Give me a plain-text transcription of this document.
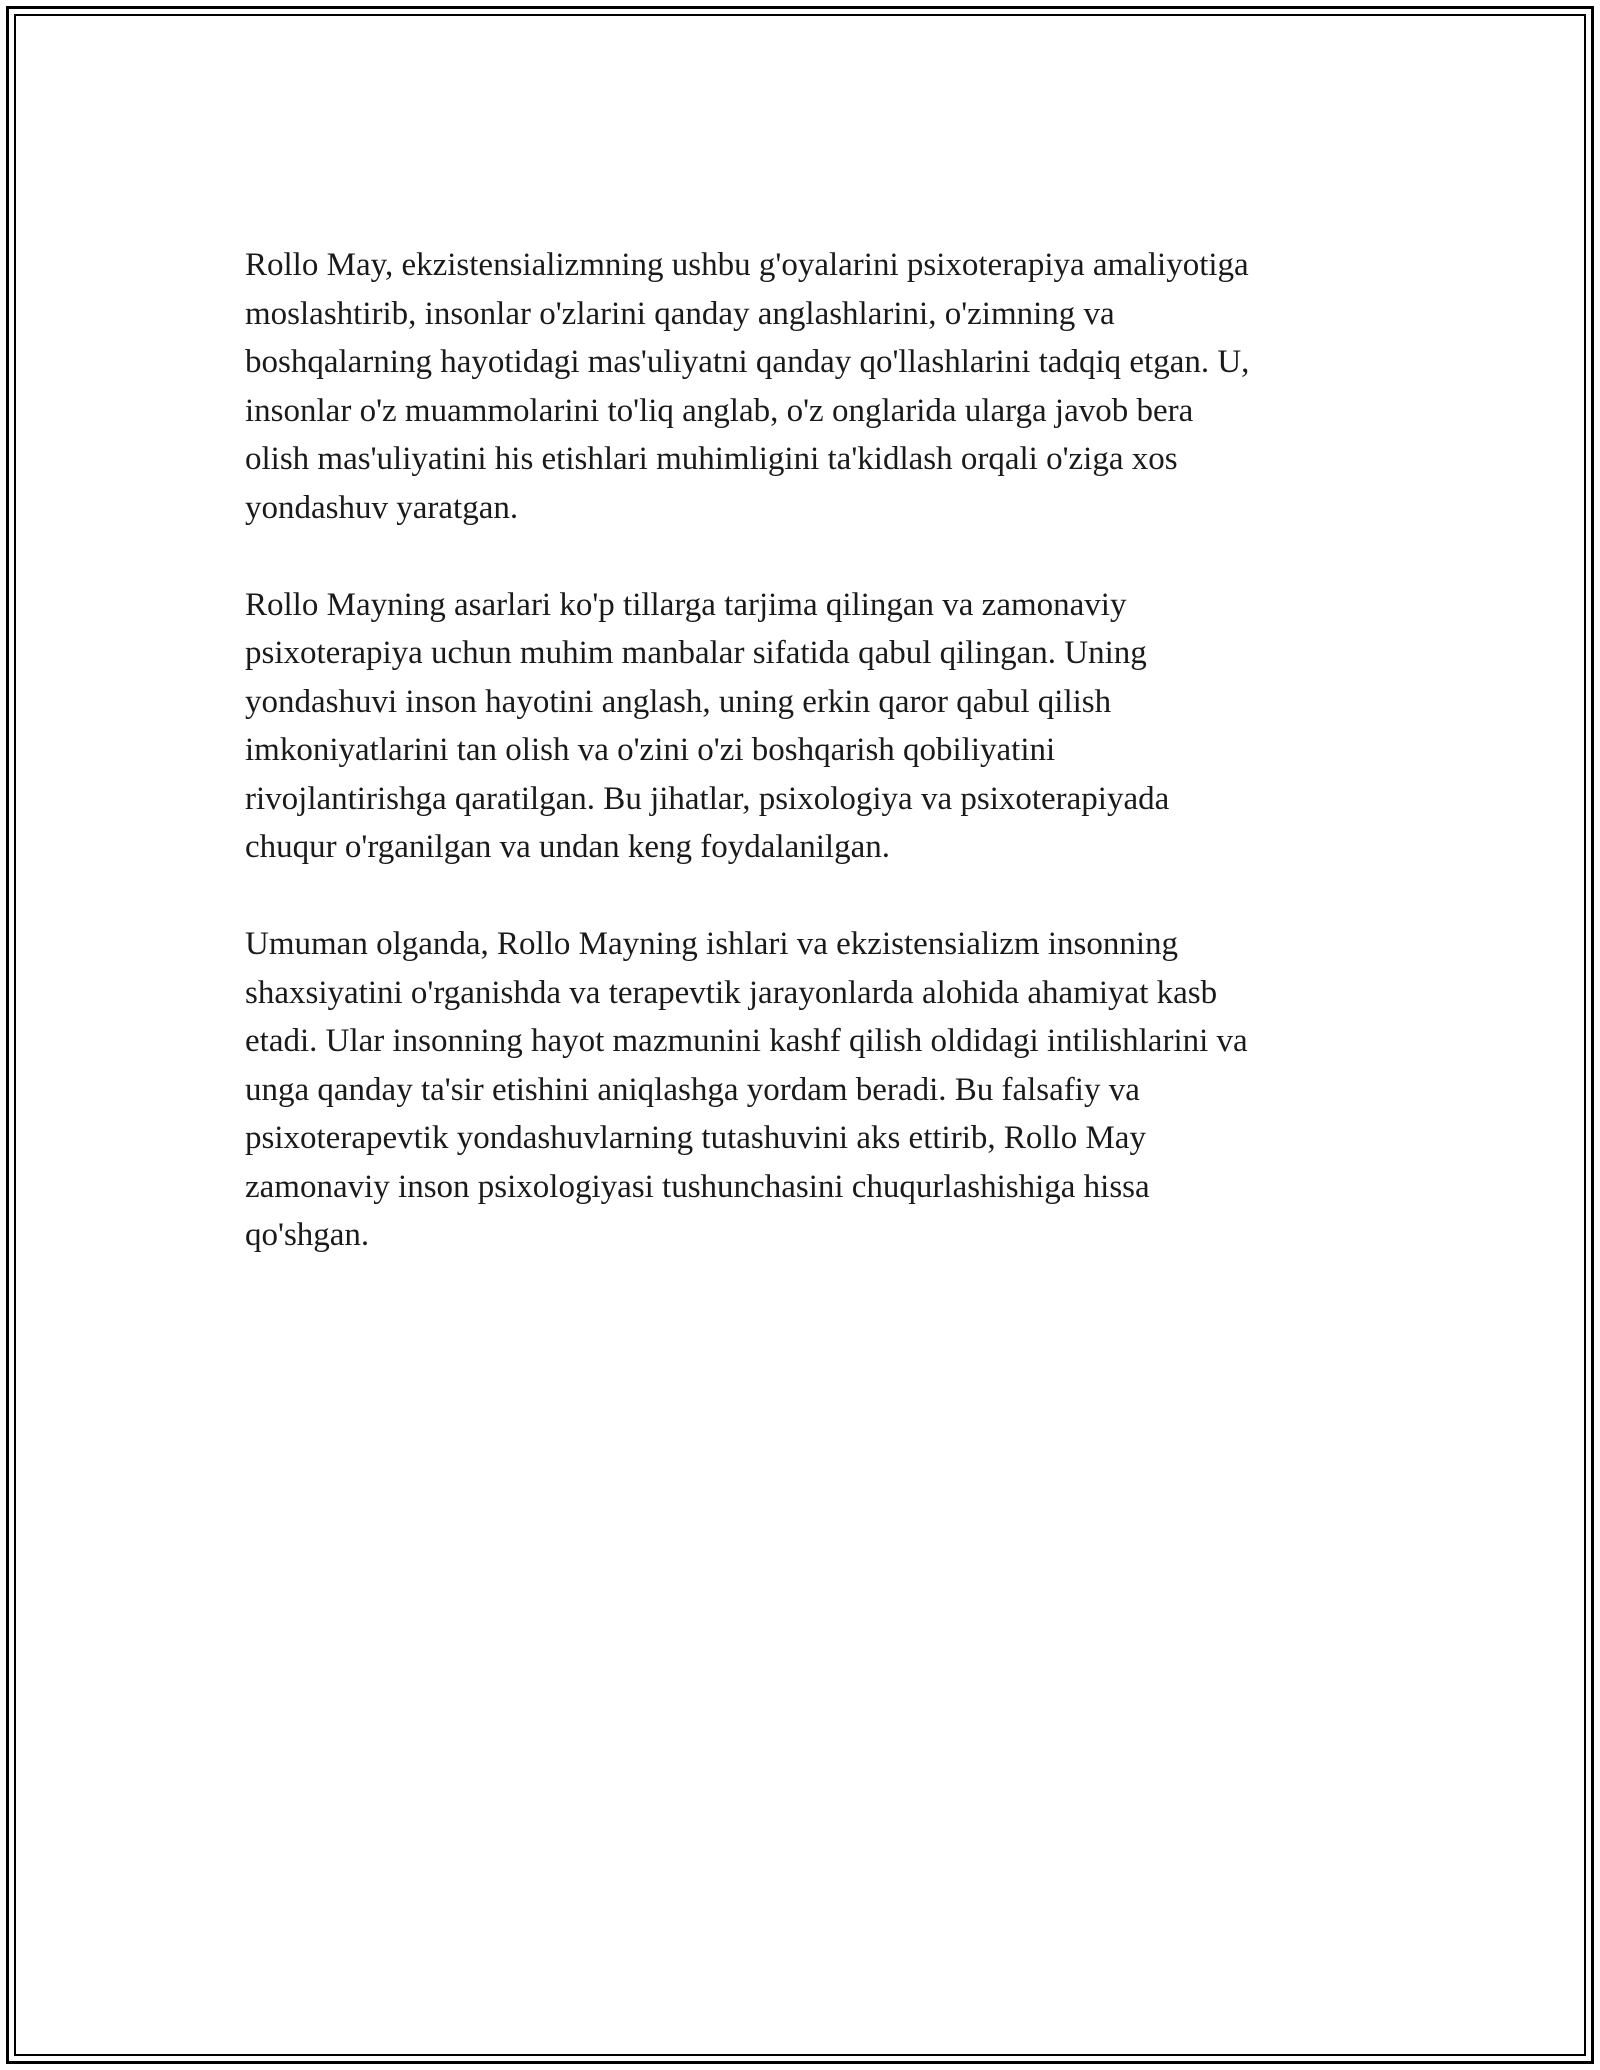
Rollo May, ekzistensializmning ushbu g'oyalarini psixoterapiya amaliyotiga
moslashtirib, insonlar o'zlarini qanday anglashlarini, o'zimning va
boshqalarning hayotidagi mas'uliyatni qanday qo'llashlarini tadqiq etgan. U,
insonlar o'z muammolarini to'liq anglab, o'z onglarida ularga javob bera
olish mas'uliyatini his etishlari muhimligini ta'kidlash orqali o'ziga xos
yondashuv yaratgan.

Rollo Mayning asarlari ko'p tillarga tarjima qilingan va zamonaviy
psixoterapiya uchun muhim manbalar sifatida qabul qilingan. Uning
yondashuvi inson hayotini anglash, uning erkin qaror qabul qilish
imkoniyatlarini tan olish va o'zini o'zi boshqarish qobiliyatini
rivojlantirishga qaratilgan. Bu jihatlar, psixologiya va psixoterapiyada
chuqur o'rganilgan va undan keng foydalanilgan.

Umuman olganda, Rollo Mayning ishlari va ekzistensializm insonning
shaxsiyatini o'rganishda va terapevtik jarayonlarda alohida ahamiyat kasb
etadi. Ular insonning hayot mazmunini kashf qilish oldidagi intilishlarini va
unga qanday ta'sir etishini aniqlashga yordam beradi. Bu falsafiy va
psixoterapevtik yondashuvlarning tutashuvini aks ettirib, Rollo May
zamonaviy inson psixologiyasi tushunchasini chuqurlashishiga hissa
qo'shgan.
